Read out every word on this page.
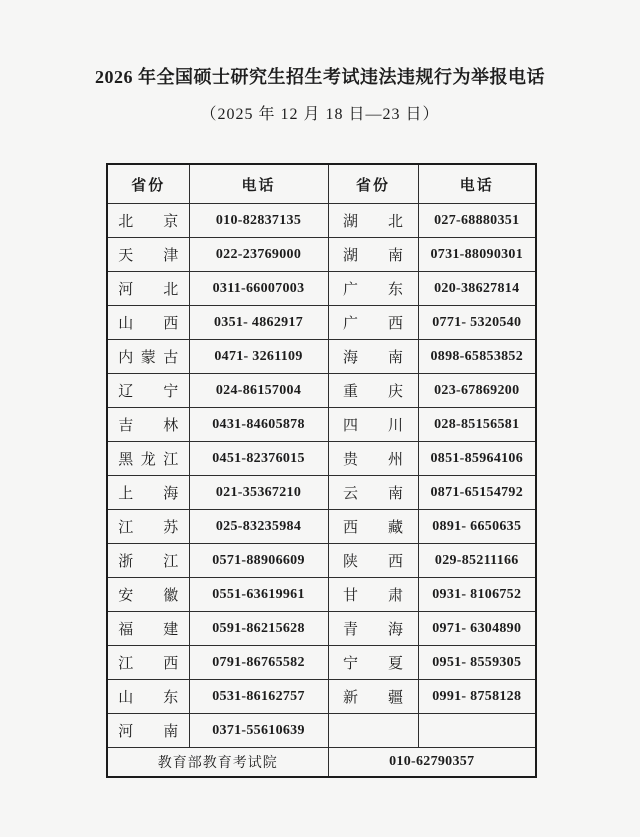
2026 年全国硕士研究生招生考试违法违规行为举报电话
（2025 年 12 月 18 日—23 日）
省份	电话	省份	电话
北京	010-82837135	湖北	027-68880351
天津	022-23769000	湖南	0731-88090301
河北	0311-66007003	广东	020-38627814
山西	0351- 4862917	广西	0771- 5320540
内蒙古	0471- 3261109	海南	0898-65853852
辽宁	024-86157004	重庆	023-67869200
吉林	0431-84605878	四川	028-85156581
黑龙江	0451-82376015	贵州	0851-85964106
上海	021-35367210	云南	0871-65154792
江苏	025-83235984	西藏	0891- 6650635
浙江	0571-88906609	陕西	029-85211166
安徽	0551-63619961	甘肃	0931- 8106752
福建	0591-86215628	青海	0971- 6304890
江西	0791-86765582	宁夏	0951- 8559305
山东	0531-86162757	新疆	0991- 8758128
河南	0371-55610639		
教育部教育考试院		010-62790357	
